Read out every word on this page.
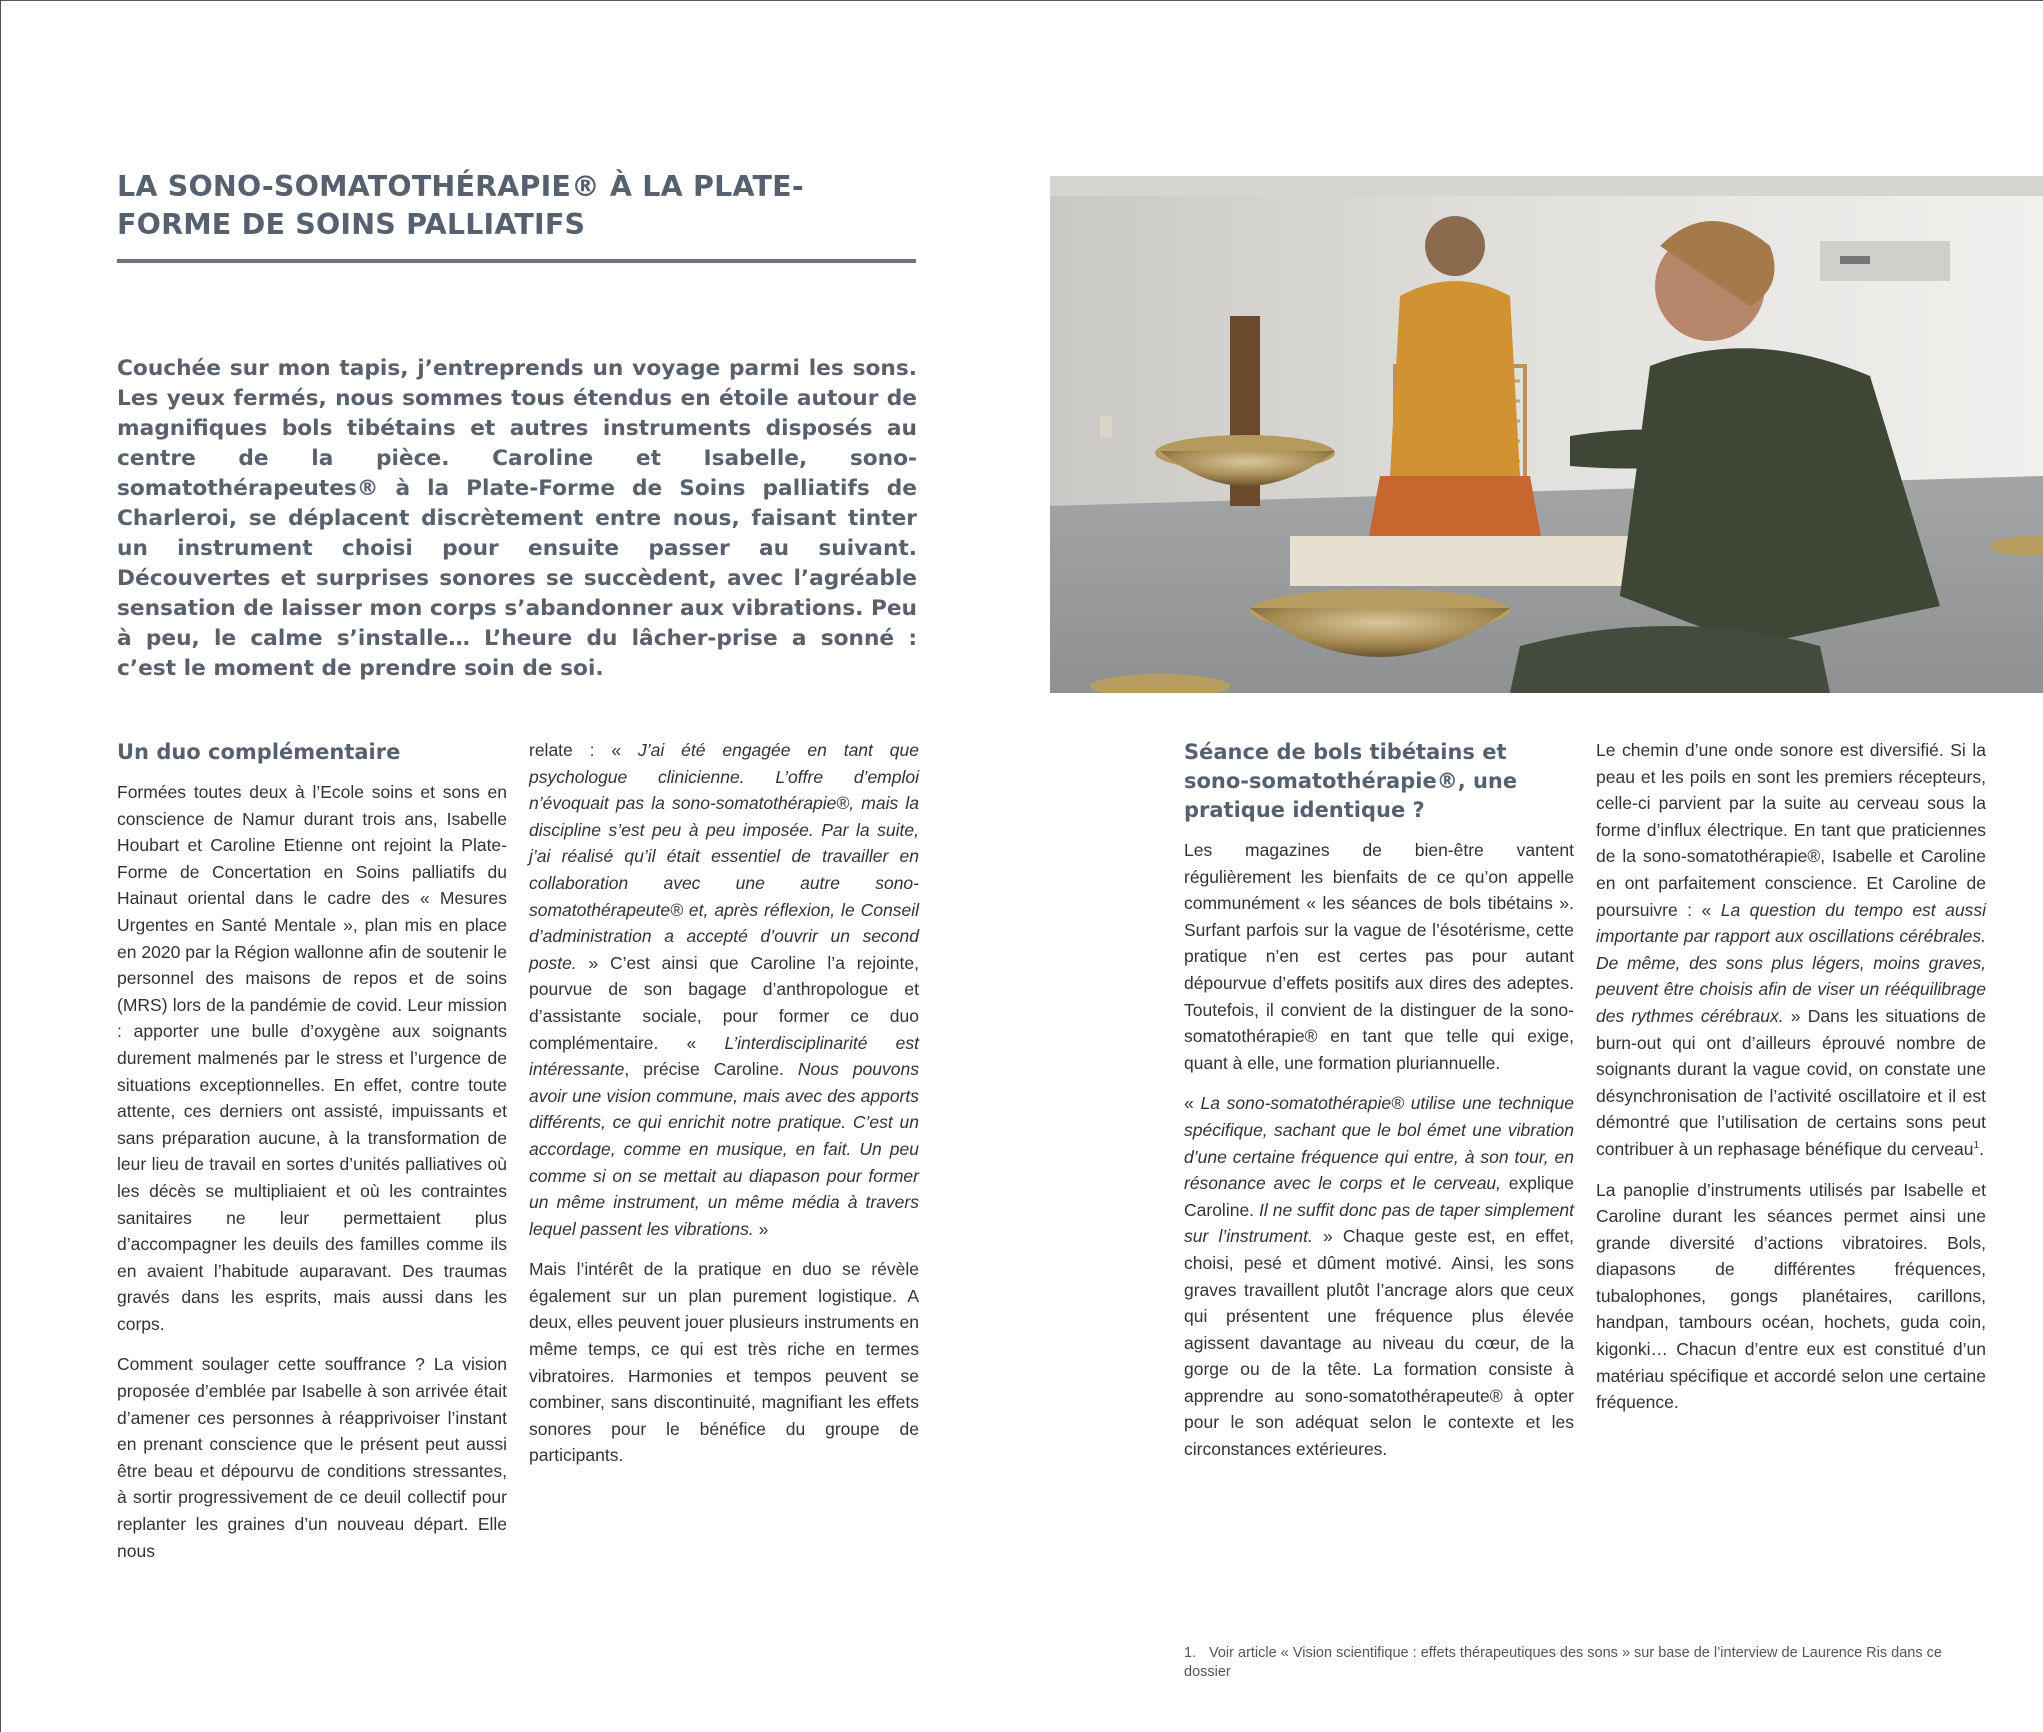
LA SONO-SOMATOTHÉRAPIE® À LA PLATE-FORME DE SOINS PALLIATIFS

Couchée sur mon tapis, j’entreprends un voyage parmi les sons. Les yeux fermés, nous sommes tous étendus en étoile autour de magnifiques bols tibétains et autres instruments disposés au centre de la pièce. Caroline et Isabelle, sono-somatothérapeutes® à la Plate-Forme de Soins palliatifs de Charleroi, se déplacent discrètement entre nous, faisant tinter un instrument choisi pour ensuite passer au suivant. Découvertes et surprises sonores se succèdent, avec l’agréable sensation de laisser mon corps s’abandonner aux vibrations. Peu à peu, le calme s’installe… L’heure du lâcher-prise a sonné : c’est le moment de prendre soin de soi.

Un duo complémentaire

Formées toutes deux à l’Ecole soins et sons en conscience de Namur durant trois ans, Isabelle Houbart et Caroline Etienne ont rejoint la Plate-Forme de Concertation en Soins palliatifs du Hainaut oriental dans le cadre des « Mesures Urgentes en Santé Mentale », plan mis en place en 2020 par la Région wallonne afin de soutenir le personnel des maisons de repos et de soins (MRS) lors de la pandémie de covid. Leur mission : apporter une bulle d’oxygène aux soignants durement malmenés par le stress et l’urgence de situations exceptionnelles. En effet, contre toute attente, ces derniers ont assisté, impuissants et sans préparation aucune, à la transformation de leur lieu de travail en sortes d’unités palliatives où les décès se multipliaient et où les contraintes sanitaires ne leur permettaient plus d’accompagner les deuils des familles comme ils en avaient l’habitude auparavant. Des traumas gravés dans les esprits, mais aussi dans les corps.

Comment soulager cette souffrance ? La vision proposée d’emblée par Isabelle à son arrivée était d’amener ces personnes à réapprivoiser l’instant en prenant conscience que le présent peut aussi être beau et dépourvu de conditions stressantes, à sortir progressivement de ce deuil collectif pour replanter les graines d’un nouveau départ. Elle nous

relate : « J’ai été engagée en tant que psychologue clinicienne. L’offre d’emploi n’évoquait pas la sono-somatothérapie®, mais la discipline s’est peu à peu imposée. Par la suite, j’ai réalisé qu’il était essentiel de travailler en collaboration avec une autre sono-somatothérapeute® et, après réflexion, le Conseil d’administration a accepté d’ouvrir un second poste. » C’est ainsi que Caroline l’a rejointe, pourvue de son bagage d’anthropologue et d’assistante sociale, pour former ce duo complémentaire. « L’interdisciplinarité est intéressante, précise Caroline. Nous pouvons avoir une vision commune, mais avec des apports différents, ce qui enrichit notre pratique. C’est un accordage, comme en musique, en fait. Un peu comme si on se mettait au diapason pour former un même instrument, un même média à travers lequel passent les vibrations. »

Mais l’intérêt de la pratique en duo se révèle également sur un plan purement logistique. A deux, elles peuvent jouer plusieurs instruments en même temps, ce qui est très riche en termes vibratoires. Harmonies et tempos peuvent se combiner, sans discontinuité, magnifiant les effets sonores pour le bénéfice du groupe de participants.

Séance de bols tibétains et sono-somatothérapie®, une pratique identique ?

Les magazines de bien-être vantent régulièrement les bienfaits de ce qu’on appelle communément « les séances de bols tibétains ». Surfant parfois sur la vague de l’ésotérisme, cette pratique n’en est certes pas pour autant dépourvue d’effets positifs aux dires des adeptes. Toutefois, il convient de la distinguer de la sono-somatothérapie® en tant que telle qui exige, quant à elle, une formation pluriannuelle.

« La sono-somatothérapie® utilise une technique spécifique, sachant que le bol émet une vibration d’une certaine fréquence qui entre, à son tour, en résonance avec le corps et le cerveau, explique Caroline. Il ne suffit donc pas de taper simplement sur l’instrument. » Chaque geste est, en effet, choisi, pesé et dûment motivé. Ainsi, les sons graves travaillent plutôt l’ancrage alors que ceux qui présentent une fréquence plus élevée agissent davantage au niveau du cœur, de la gorge ou de la tête. La formation consiste à apprendre au sono-somatothérapeute® à opter pour le son adéquat selon le contexte et les circonstances extérieures.

Le chemin d’une onde sonore est diversifié. Si la peau et les poils en sont les premiers récepteurs, celle-ci parvient par la suite au cerveau sous la forme d’influx électrique. En tant que praticiennes de la sono-somatothérapie®, Isabelle et Caroline en ont parfaitement conscience. Et Caroline de poursuivre : « La question du tempo est aussi importante par rapport aux oscillations cérébrales. De même, des sons plus légers, moins graves, peuvent être choisis afin de viser un rééquilibrage des rythmes cérébraux. » Dans les situations de burn-out qui ont d’ailleurs éprouvé nombre de soignants durant la vague covid, on constate une désynchronisation de l’activité oscillatoire et il est démontré que l’utilisation de certains sons peut contribuer à un rephasage bénéfique du cerveau$^1$.

La panoplie d’instruments utilisés par Isabelle et Caroline durant les séances permet ainsi une grande diversité d’actions vibratoires. Bols, diapasons de différentes fréquences, tubalophones, gongs planétaires, carillons, handpan, tambours océan, hochets, guda coin, kigonki… Chacun d’entre eux est constitué d’un matériau spécifique et accordé selon une certaine fréquence.

1. Voir article « Vision scientifique : effets thérapeutiques des sons » sur base de l’interview de Laurence Ris dans ce dossier
